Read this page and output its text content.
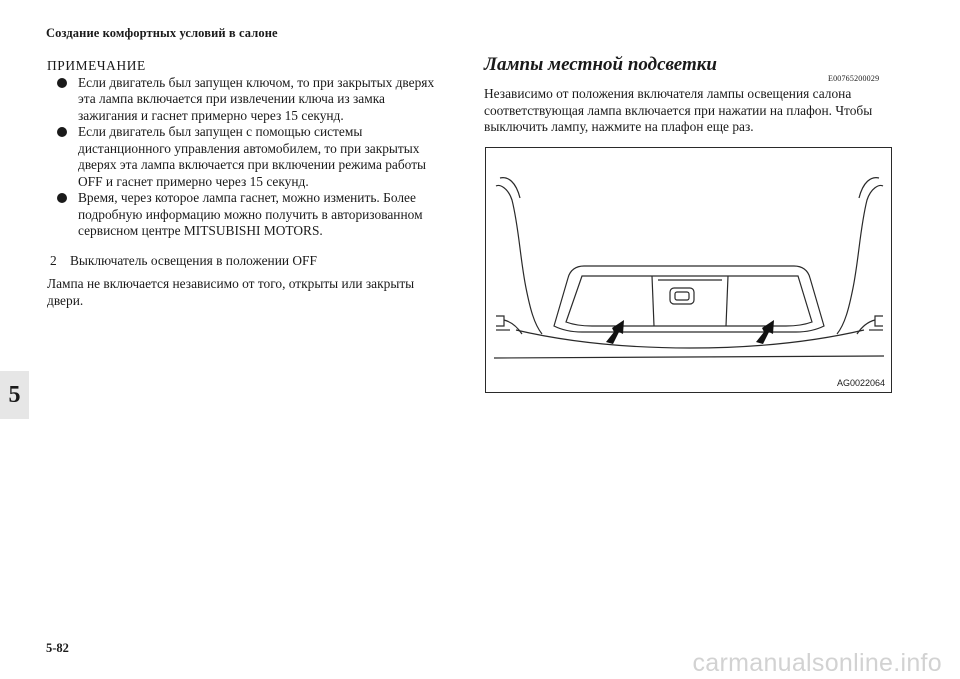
Создание комфортных условий в салоне
ПРИМЕЧАНИЕ
Если двигатель был запущен ключом, то при закрытых дверях
эта лампа включается при извлечении ключа из замка
зажигания и гаснет примерно через 15 секунд.
Если двигатель был запущен с помощью системы
дистанционного управления автомобилем, то при закрытых
дверях эта лампа включается при включении режима работы
OFF и гаснет примерно через 15 секунд.
Время, через которое лампа гаснет, можно изменить. Более
подробную информацию можно получить в авторизованном
сервисном центре MITSUBISHI MOTORS.
2 Выключатель освещения в положении OFF
Лампа не включается независимо от того, открыты или закрыты
двери.
Лампы местной подсветки
E00765200029
Независимо от положения включателя лампы освещения салона
соответствующая лампа включается при нажатии на плафон. Чтобы
выключить лампу, нажмите на плафон еще раз.
AG0022064
5
5-82
carmanualsonline.info
